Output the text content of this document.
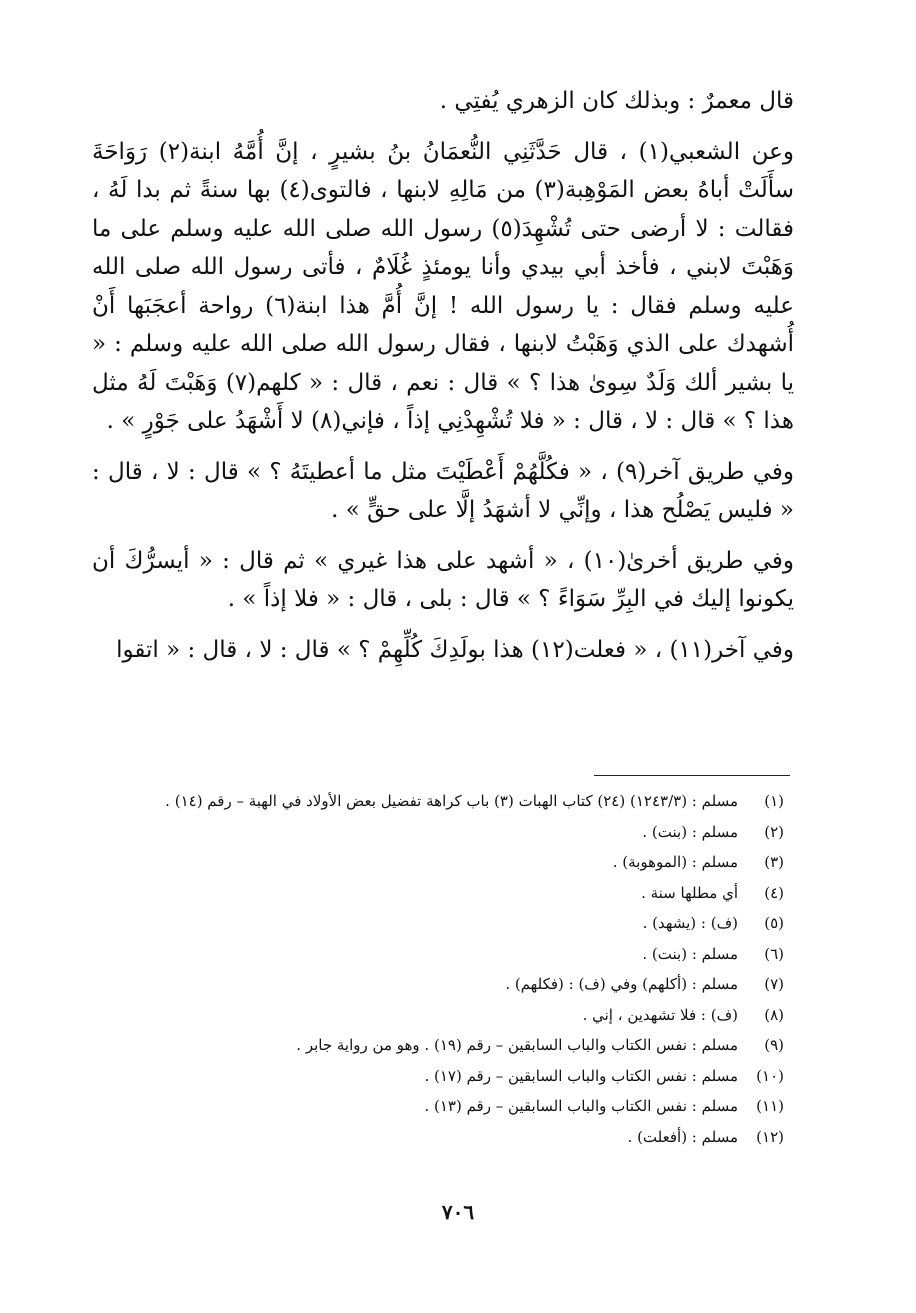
قال معمرٌ : وبذلك كان الزهري يُفتِي .

وعن الشعبي(١) ، قال حَدَّثَنِي النُّعمَانُ بنُ بشيرٍ ، إنَّ أُمَّهُ ابنة(٢) رَوَاحَةَ سأَلَتْ أباهُ بعض المَوْهِبة(٣) من مَالِهِ لابنها ، فالتوى(٤) بها سنةً ثم بدا لَهُ ، فقالت : لا أرضى حتى تُشْهِدَ(٥) رسول الله صلى الله عليه وسلم على ما وَهَبْتَ لابني ، فأخذ أبي بيدي وأنا يومئذٍ غُلَامٌ ، فأتى رسول الله صلى الله عليه وسلم فقال : يا رسول الله ! إنَّ أُمَّ هذا ابنة(٦) رواحة أعجَبَها أَنْ أُشهدك على الذي وَهَبْتُ لابنها ، فقال رسول الله صلى الله عليه وسلم : « يا بشير ألك وَلَدٌ سِوىٰ هذا ؟ » قال : نعم ، قال : « كلهم(٧) وَهَبْتَ لَهُ مثل هذا ؟ » قال : لا ، قال : « فلا تُشْهِدْنِي إذاً ، فإني(٨) لا أَشْهَدُ على جَوْرٍ » .

وفي طريق آخر(٩) ، « فكُلَّهُمْ أَعْطَيْتَ مثل ما أعطيتَهُ ؟ » قال : لا ، قال : « فليس يَصْلُح هذا ، وإنِّي لا أشهَدُ إلَّا على حقٍّ » .

وفي طريق أخرىٰ(١٠) ، « أشهد على هذا غيري » ثم قال : « أيسرُّكَ أن يكونوا إليك في البِرِّ سَوَاءً ؟ » قال : بلى ، قال : « فلا إذاً » .

وفي آخر(١١) ، « فعلت(١٢) هذا بولَدِكَ كُلِّهِمْ ؟ » قال : لا ، قال : « اتقوا

(١)
مسلم : (١٢٤٣/٣) (٢٤) كتاب الهبات (٣) باب كراهة تفضيل بعض الأولاد في الهبة – رقم (١٤) .
(٢)
مسلم : (بنت) .
(٣)
مسلم : (الموهوبة) .
(٤)
أي مطلها سنة .
(٥)
(ف) : (يشهد) .
(٦)
مسلم : (بنت) .
(٧)
مسلم : (أكلهم) وفي (ف) : (فكلهم) .
(٨)
(ف) : فلا تشهدين ، إني .
(٩)
مسلم : نفس الكتاب والباب السابقين – رقم (١٩) . وهو من رواية جابر .
(١٠)
مسلم : نفس الكتاب والباب السابقين – رقم (١٧) .
(١١)
مسلم : نفس الكتاب والباب السابقين – رقم (١٣) .
(١٢)
مسلم : (أفعلت) .
٧٠٦
